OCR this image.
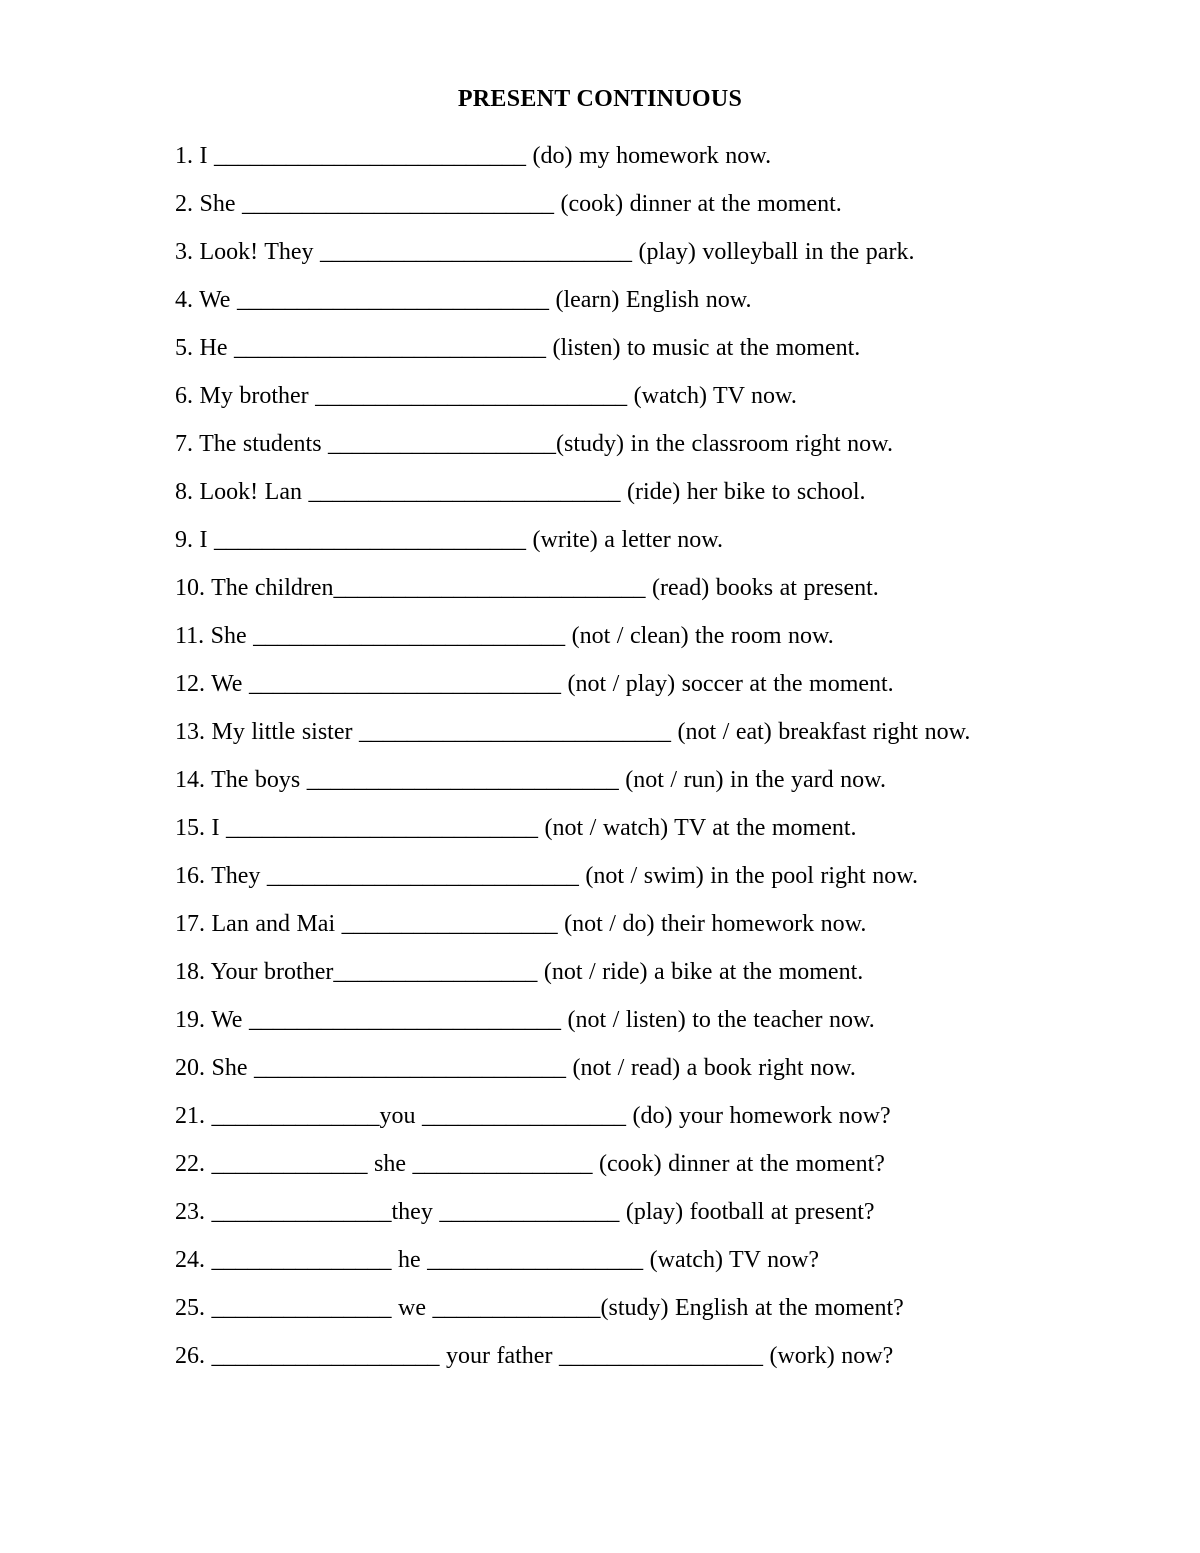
PRESENT CONTINUOUS
1. I __________________________ (do) my homework now.
2. She __________________________ (cook) dinner at the moment.
3. Look! They __________________________ (play) volleyball in the park.
4. We __________________________ (learn) English now.
5. He __________________________ (listen) to music at the moment.
6. My brother __________________________ (watch) TV now.
7. The students ___________________(study) in the classroom right now.
8. Look! Lan __________________________ (ride) her bike to school.
9. I __________________________ (write) a letter now.
10. The children__________________________ (read) books at present.
11. She __________________________ (not / clean) the room now.
12. We __________________________ (not / play) soccer at the moment.
13. My little sister __________________________ (not / eat) breakfast right now.
14. The boys __________________________ (not / run) in the yard now.
15. I __________________________ (not / watch) TV at the moment.
16. They __________________________ (not / swim) in the pool right now.
17. Lan and Mai __________________ (not / do) their homework now.
18. Your brother_________________ (not / ride) a bike at the moment.
19. We __________________________ (not / listen) to the teacher now.
20. She __________________________ (not / read) a book right now.
21. ______________you _________________ (do) your homework now?
22. _____________ she _______________ (cook) dinner at the moment?
23. _______________they _______________ (play) football at present?
24. _______________ he __________________ (watch) TV now?
25. _______________ we ______________(study) English at the moment?
26. ___________________ your father _________________ (work) now?
